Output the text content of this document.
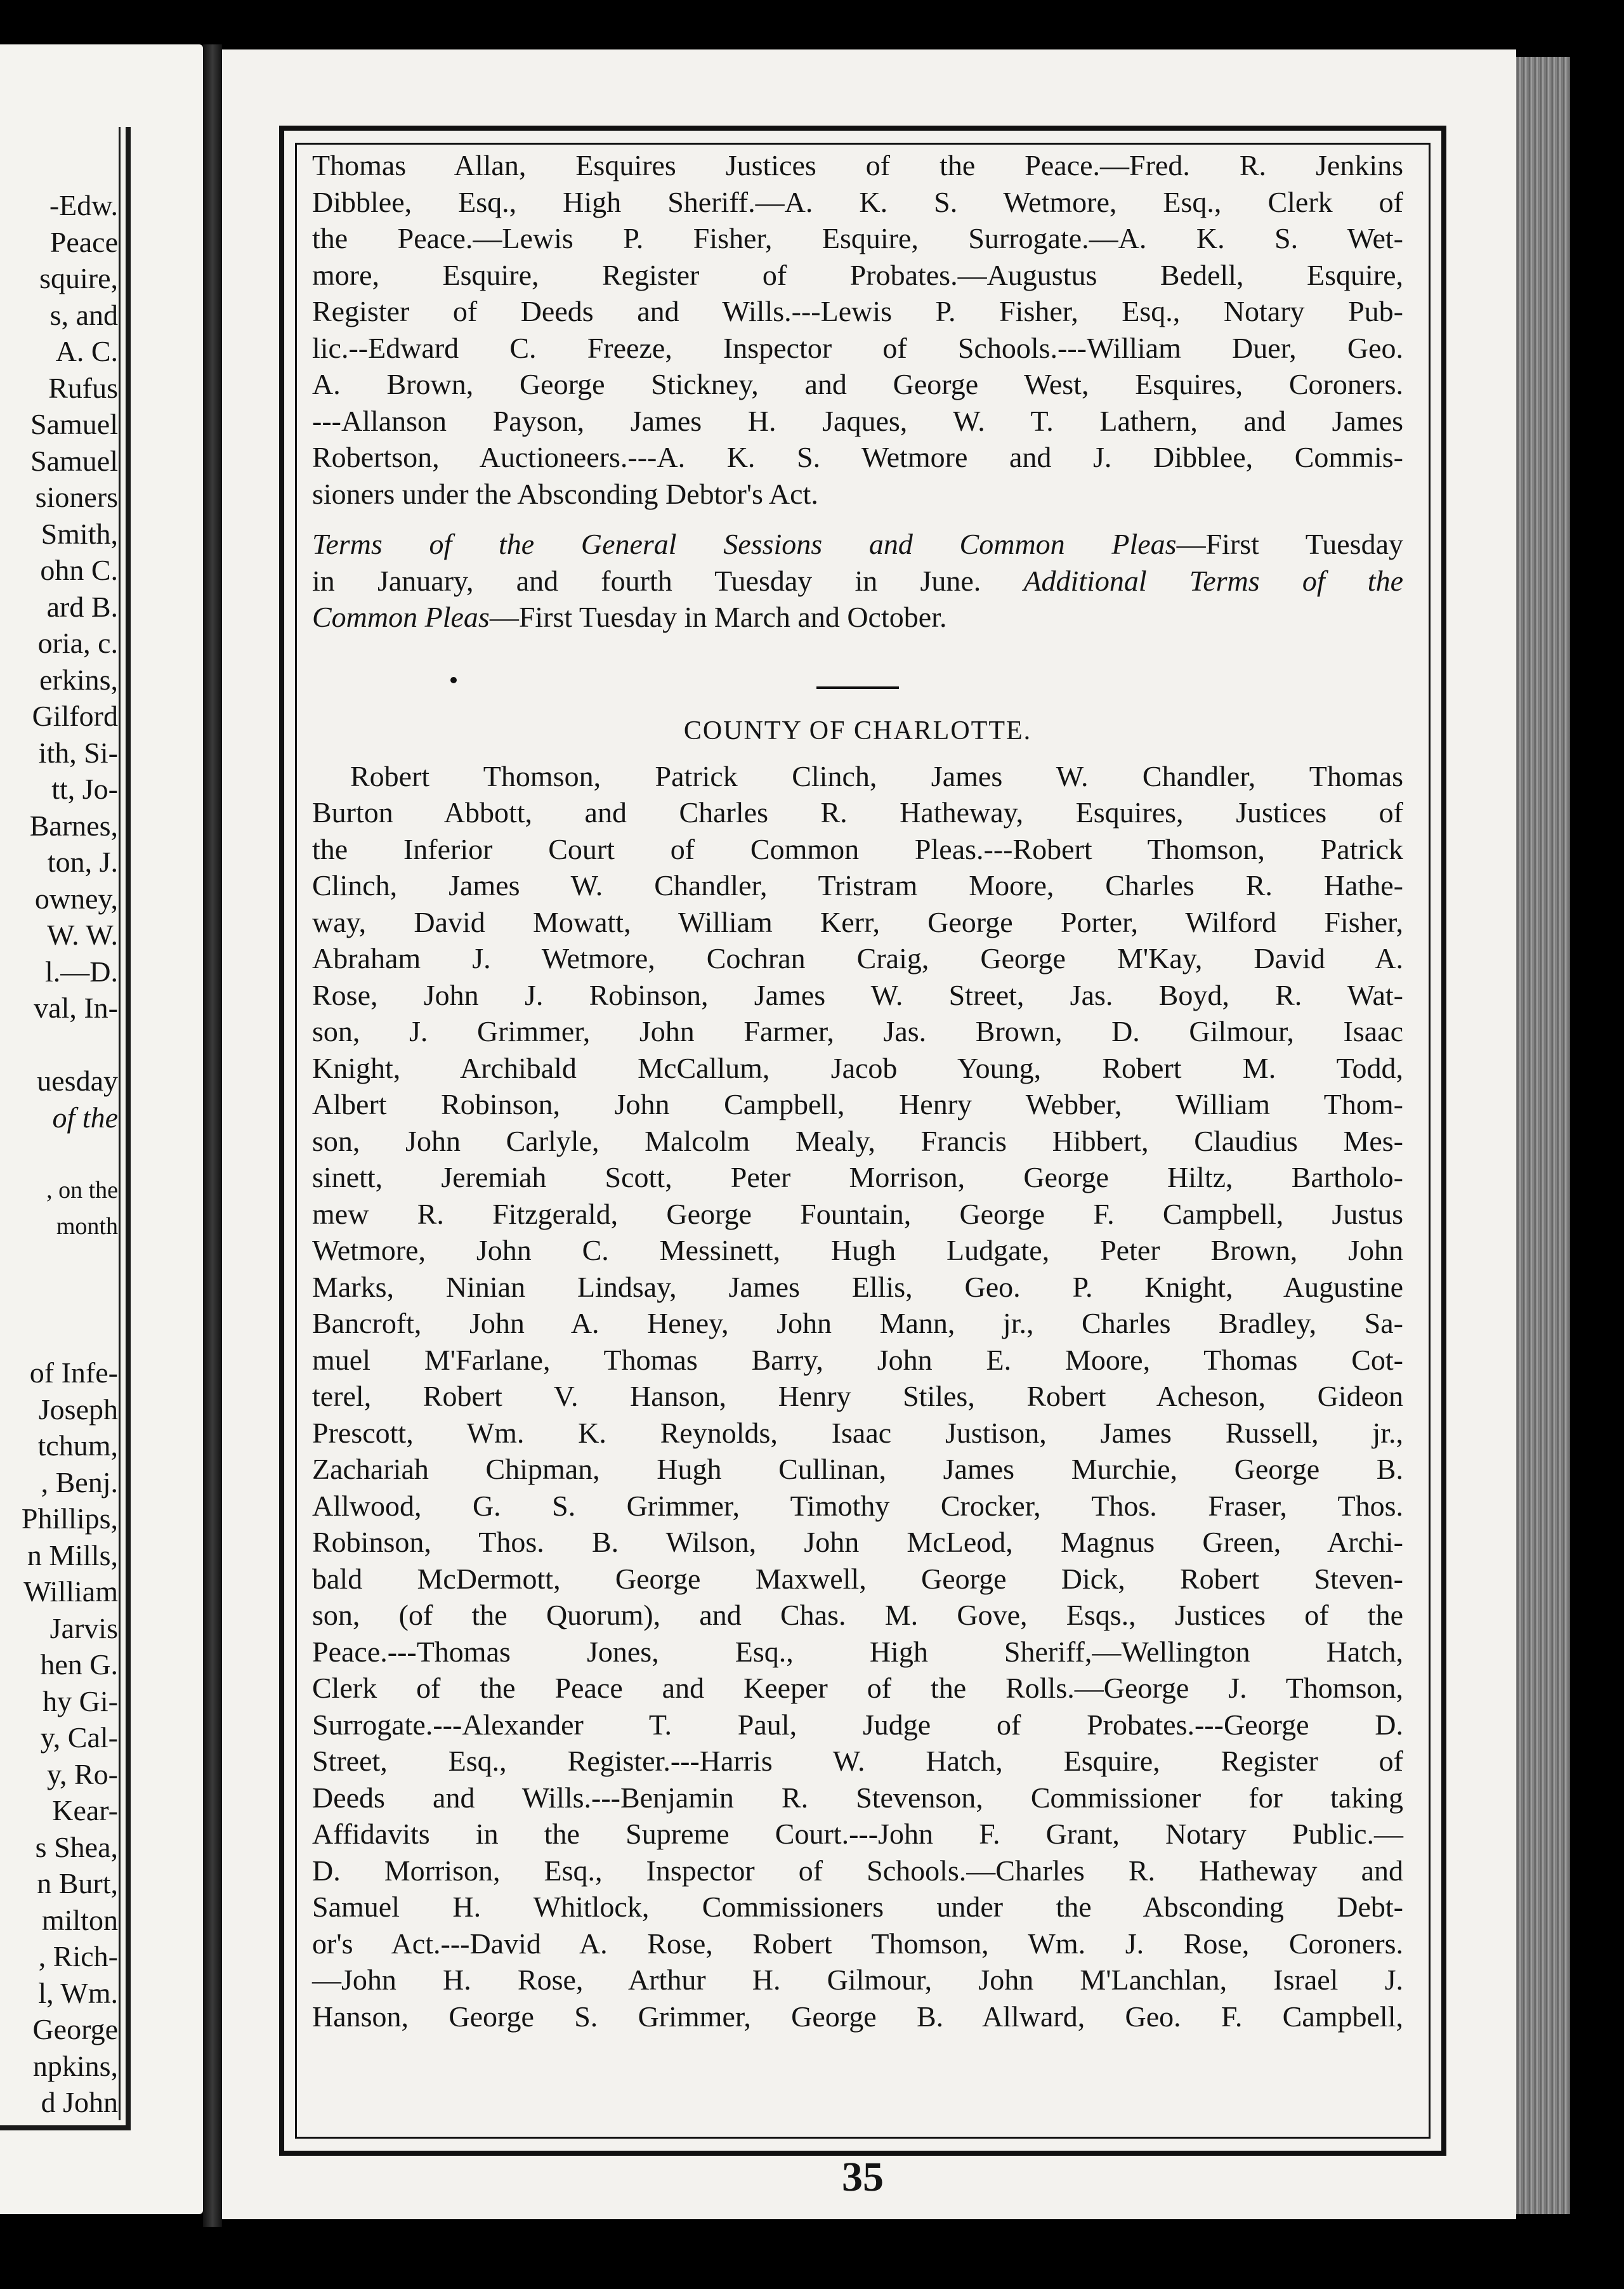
-Edw.
Peace
squire,
s, and
A. C.
Rufus
Samuel
Samuel
sioners
Smith,
ohn C.
ard B.
oria, c.
erkins,
Gilford
ith, Si-
tt, Jo-
Barnes,
ton, J.
owney,
W. W.
l.—D.
val, In-
uesday
of the
, on the
month
of Infe-
Joseph
tchum,
, Benj.
Phillips,
n Mills,
William
Jarvis
hen G.
hy Gi-
y, Cal-
y, Ro-
Kear-
s Shea,
n Burt,
milton
, Rich-
l, Wm.
George
npkins,
d John
Thomas Allan, Esquires Justices of the Peace.—Fred. R. Jenkins
Dibblee, Esq., High Sheriff.—A. K. S. Wetmore, Esq., Clerk of
the Peace.—Lewis P. Fisher, Esquire, Surrogate.—A. K. S. Wet-
more, Esquire, Register of Probates.—Augustus Bedell, Esquire,
Register of Deeds and Wills.---Lewis P. Fisher, Esq., Notary Pub-
lic.--Edward C. Freeze, Inspector of Schools.---William Duer, Geo.
A. Brown, George Stickney, and George West, Esquires, Coroners.
---Allanson Payson, James H. Jaques, W. T. Lathern, and James
Robertson, Auctioneers.---A. K. S. Wetmore and J. Dibblee, Commis-
sioners under the Absconding Debtor's Act.
Terms of the General Sessions and Common Pleas—First Tuesday
in January, and fourth Tuesday in June. Additional Terms of the
Common Pleas—First Tuesday in March and October.
COUNTY OF CHARLOTTE.
Robert Thomson, Patrick Clinch, James W. Chandler, Thomas
Burton Abbott, and Charles R. Hatheway, Esquires, Justices of
the Inferior Court of Common Pleas.---Robert Thomson, Patrick
Clinch, James W. Chandler, Tristram Moore, Charles R. Hathe-
way, David Mowatt, William Kerr, George Porter, Wilford Fisher,
Abraham J. Wetmore, Cochran Craig, George M'Kay, David A.
Rose, John J. Robinson, James W. Street, Jas. Boyd, R. Wat-
son, J. Grimmer, John Farmer, Jas. Brown, D. Gilmour, Isaac
Knight, Archibald McCallum, Jacob Young, Robert M. Todd,
Albert Robinson, John Campbell, Henry Webber, William Thom-
son, John Carlyle, Malcolm Mealy, Francis Hibbert, Claudius Mes-
sinett, Jeremiah Scott, Peter Morrison, George Hiltz, Bartholo-
mew R. Fitzgerald, George Fountain, George F. Campbell, Justus
Wetmore, John C. Messinett, Hugh Ludgate, Peter Brown, John
Marks, Ninian Lindsay, James Ellis, Geo. P. Knight, Augustine
Bancroft, John A. Heney, John Mann, jr., Charles Bradley, Sa-
muel M'Farlane, Thomas Barry, John E. Moore, Thomas Cot-
terel, Robert V. Hanson, Henry Stiles, Robert Acheson, Gideon
Prescott, Wm. K. Reynolds, Isaac Justison, James Russell, jr.,
Zachariah Chipman, Hugh Cullinan, James Murchie, George B.
Allwood, G. S. Grimmer, Timothy Crocker, Thos. Fraser, Thos.
Robinson, Thos. B. Wilson, John McLeod, Magnus Green, Archi-
bald McDermott, George Maxwell, George Dick, Robert Steven-
son, (of the Quorum), and Chas. M. Gove, Esqs., Justices of the
Peace.---Thomas Jones, Esq., High Sheriff,—Wellington Hatch,
Clerk of the Peace and Keeper of the Rolls.—George J. Thomson,
Surrogate.---Alexander T. Paul, Judge of Probates.---George D.
Street, Esq., Register.---Harris W. Hatch, Esquire, Register of
Deeds and Wills.---Benjamin R. Stevenson, Commissioner for taking
Affidavits in the Supreme Court.---John F. Grant, Notary Public.—
D. Morrison, Esq., Inspector of Schools.—Charles R. Hatheway and
Samuel H. Whitlock, Commissioners under the Absconding Debt-
or's Act.---David A. Rose, Robert Thomson, Wm. J. Rose, Coroners.
—John H. Rose, Arthur H. Gilmour, John M'Lanchlan, Israel J.
Hanson, George S. Grimmer, George B. Allward, Geo. F. Campbell,
35
